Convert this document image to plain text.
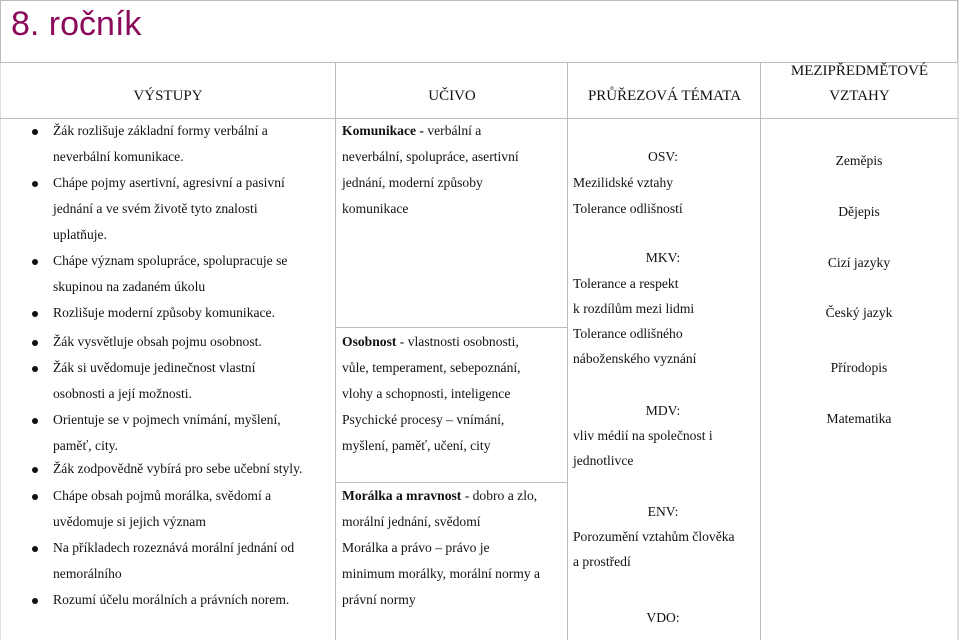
8. ročník
VÝSTUPY	UČIVO	PRŮŘEZOVÁ TÉMATA
MEZIPŘEDMĚTOVÉ
VZTAHY
Žák rozlišuje základní formy verbální a
neverbální komunikace.
Chápe pojmy asertivní, agresivní a pasivní
jednání a ve svém životě tyto znalosti
uplatňuje.
Chápe význam spolupráce, spolupracuje se
skupinou na zadaném úkolu
Rozlišuje moderní způsoby komunikace.
Žák vysvětluje obsah pojmu osobnost.
Žák si uvědomuje jedinečnost vlastní
osobnosti a její možnosti.
Orientuje se v pojmech vnímání, myšlení,
paměť, city.
Žák zodpovědně vybírá pro sebe učební styly.
Chápe obsah pojmů morálka, svědomí a
uvědomuje si jejich význam
Na příkladech rozeznává morální jednání od
nemorálního
Rozumí účelu morálních a právních norem.
Komunikace - verbální a
neverbální, spolupráce, asertivní
jednání, moderní způsoby
komunikace
Osobnost - vlastnosti osobnosti,
vůle, temperament, sebepoznání,
vlohy a schopnosti, inteligence
Psychické procesy – vnímání,
myšlení, paměť, učení, city
Morálka a mravnost - dobro a zlo,
morální jednání, svědomí
Morálka a právo – právo je
minimum morálky, morální normy a
právní normy
OSV:
Mezilidské vztahy
Tolerance odlišností
MKV:
Tolerance a respekt
k rozdílům mezi lidmi
Tolerance odlišného
náboženského vyznání
MDV:
vliv médií na společnost i
jednotlivce
ENV:
Porozumění vztahům člověka
a prostředí
VDO:
Zeměpis
Dějepis
Cizí jazyky
Český jazyk
Přírodopis
Matematika
